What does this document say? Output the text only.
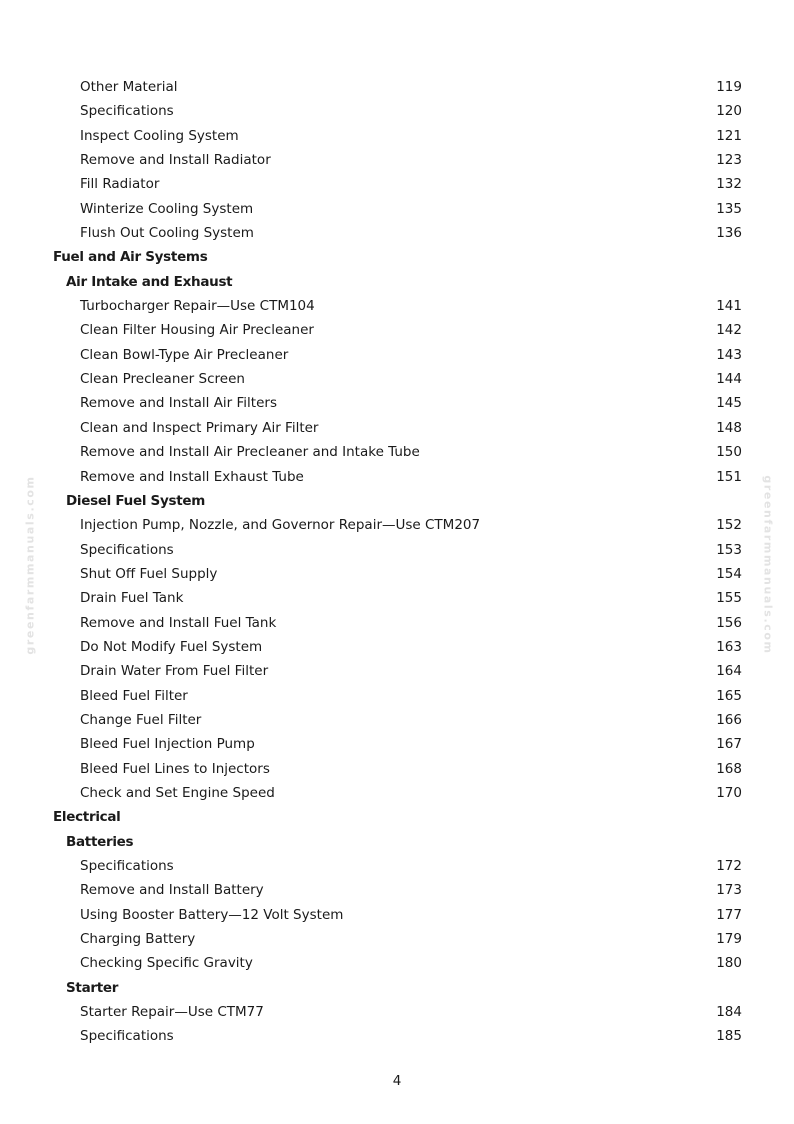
Other Material	119
Specifications	120
Inspect Cooling System	121
Remove and Install Radiator	123
Fill Radiator	132
Winterize Cooling System	135
Flush Out Cooling System	136
Fuel and Air Systems
Air Intake and Exhaust
Turbocharger Repair—Use CTM104	141
Clean Filter Housing Air Precleaner	142
Clean Bowl-Type Air Precleaner	143
Clean Precleaner Screen	144
Remove and Install Air Filters	145
Clean and Inspect Primary Air Filter	148
Remove and Install Air Precleaner and Intake Tube	150
Remove and Install Exhaust Tube	151
Diesel Fuel System
Injection Pump, Nozzle, and Governor Repair—Use CTM207	152
Specifications	153
Shut Off Fuel Supply	154
Drain Fuel Tank	155
Remove and Install Fuel Tank	156
Do Not Modify Fuel System	163
Drain Water From Fuel Filter	164
Bleed Fuel Filter	165
Change Fuel Filter	166
Bleed Fuel Injection Pump	167
Bleed Fuel Lines to Injectors	168
Check and Set Engine Speed	170
Electrical
Batteries
Specifications	172
Remove and Install Battery	173
Using Booster Battery—12 Volt System	177
Charging Battery	179
Checking Specific Gravity	180
Starter
Starter Repair—Use CTM77	184
Specifications	185
greenfarmmanuals.com	greenfarmmanuals.com
4
